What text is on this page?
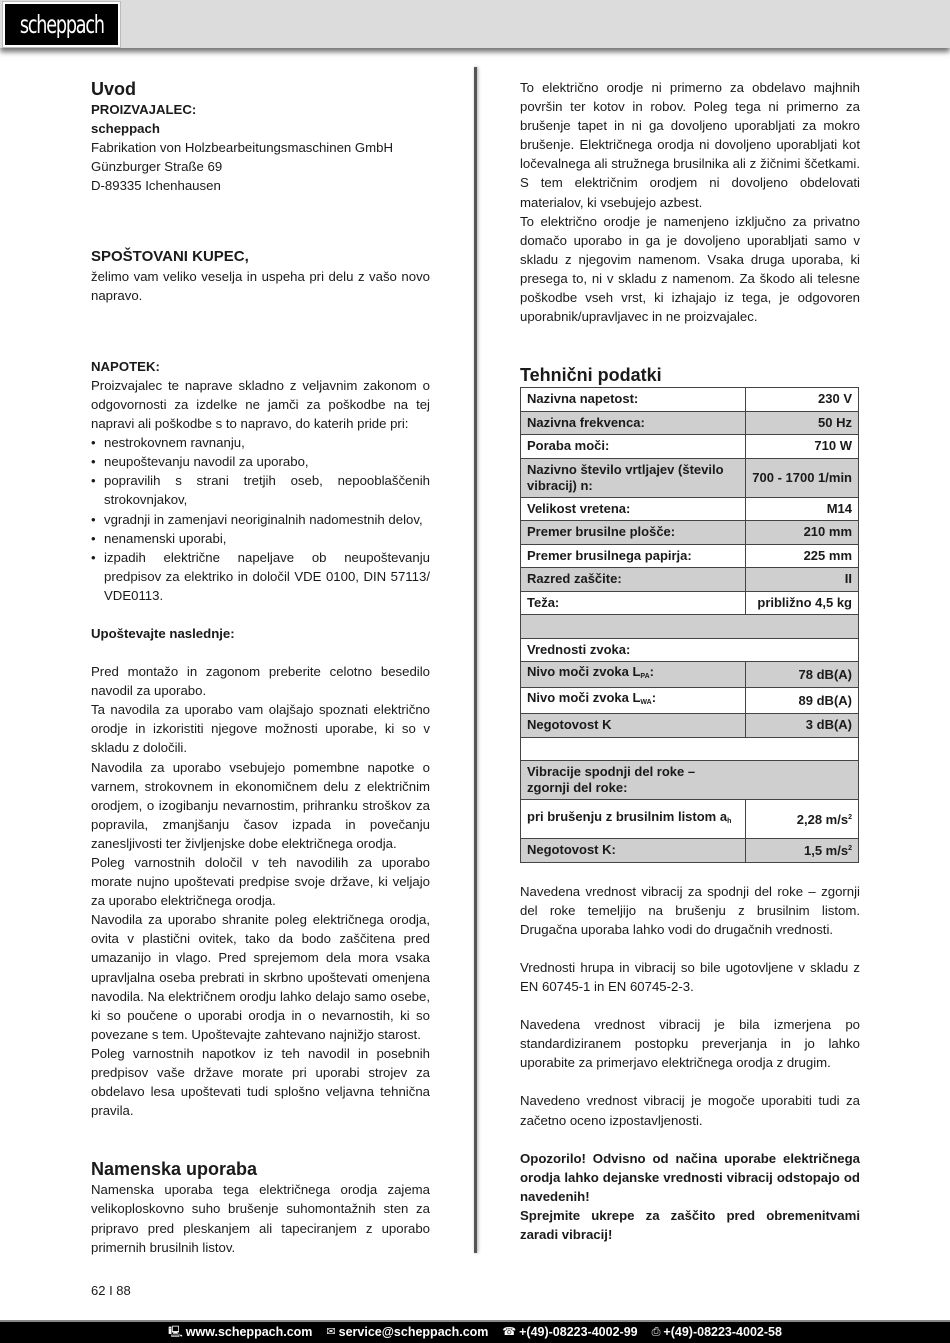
scheppach
Uvod
PROIZVAJALEC:
scheppach
Fabrikation von Holzbearbeitungsmaschinen GmbH
Günzburger Straße 69
D-89335 Ichenhausen
SPOŠTOVANI KUPEC,

želimo vam veliko veselja in uspeha pri delu z vašo novo napravo.

NAPOTEK:

Proizvajalec te naprave skladno z veljavnim zakonom o odgovornosti za izdelke ne jamči za poškodbe na tej napravi ali poškodbe s to napravo, do katerih pride pri:

• nestrokovnem ravnanju,
• neupoštevanju navodil za uporabo,
• popravilih s strani tretjih oseb, nepooblaščenih strokovnjakov,
• vgradnji in zamenjavi neoriginalnih nadomestnih delov,
• nenamenski uporabi,
• izpadih električne napeljave ob neupoštevanju predpisov za elektriko in določil VDE 0100, DIN 57113/ VDE0113.
Upoštevajte naslednje:

Pred montažo in zagonom preberite celotno besedilo navodil za uporabo.

Ta navodila za uporabo vam olajšajo spoznati električno orodje in izkoristiti njegove možnosti uporabe, ki so v skladu z določili.

Navodila za uporabo vsebujejo pomembne napotke o varnem, strokovnem in ekonomičnem delu z električnim orodjem, o izogibanju nevarnostim, prihranku stroškov za popravila, zmanjšanju časov izpada in povečanju zanesljivosti ter življenjske dobe električnega orodja.

Poleg varnostnih določil v teh navodilih za uporabo morate nujno upoštevati predpise svoje države, ki veljajo za uporabo električnega orodja.

Navodila za uporabo shranite poleg električnega orodja, ovita v plastični ovitek, tako da bodo zaščitena pred umazanijo in vlago. Pred sprejemom dela mora vsaka upravljalna oseba prebrati in skrbno upoštevati omenjena navodila. Na električnem orodju lahko delajo samo osebe, ki so poučene o uporabi orodja in o nevarnostih, ki so povezane s tem. Upoštevajte zahtevano najnižjo starost.

Poleg varnostnih napotkov iz teh navodil in posebnih predpisov vaše države morate pri uporabi strojev za obdelavo lesa upoštevati tudi splošno veljavna tehnična pravila.

Namenska uporaba

Namenska uporaba tega električnega orodja zajema velikoploskovno suho brušenje suhomontažnih sten za pripravo pred pleskanjem ali tapeciranjem z uporabo primernih brusilnih listov.

To električno orodje ni primerno za obdelavo majhnih površin ter kotov in robov. Poleg tega ni primerno za brušenje tapet in ni ga dovoljeno uporabljati za mokro brušenje. Električnega orodja ni dovoljeno uporabljati kot ločevalnega ali stružnega brusilnika ali z žičnimi ščetkami. S tem električnim orodjem ni dovoljeno obdelovati materialov, ki vsebujejo azbest.

To električno orodje je namenjeno izključno za privatno domačo uporabo in ga je dovoljeno uporabljati samo v skladu z njegovim namenom. Vsaka druga uporaba, ki presega to, ni v skladu z namenom. Za škodo ali telesne poškodbe vseh vrst, ki izhajajo iz tega, je odgovoren uporabnik/upravljavec in ne proizvajalec.

Tehnični podatki
Nazivna napetost:	230 V
Nazivna frekvenca:	50 Hz
Poraba moči:	710 W
Nazivno število vrtljajev (število vibracij) n:	700 - 1700 1/min
Velikost vretena:	M14
Premer brusilne plošče:	210 mm
Premer brusilnega papirja:	225 mm
Razred zaščite:	II
Teža:	približno 4,5 kg

Vrednosti zvoka:	
Nivo moči zvoka $L_{PA}$:	78 dB(A)
Nivo moči zvoka $L_{WA}$:	89 dB(A)
Negotovost K	3 dB(A)

Vibracije spodnji del roke – zgornji del roke:	
pri brušenju z brusilnim listom $a_h$	2,28 $m/s^2$
Negotovost K:	1,5 $m/s^2$

Navedena vrednost vibracij za spodnji del roke – zgornji del roke temeljijo na brušenju z brusilnim listom. Drugačna uporaba lahko vodi do drugačnih vrednosti.

Vrednosti hrupa in vibracij so bile ugotovljene v skladu z EN 60745-1 in EN 60745-2-3.

Navedena vrednost vibracij je bila izmerjena po standardiziranem postopku preverjanja in jo lahko uporabite za primerjavo električnega orodja z drugim.

Navedeno vrednost vibracij je mogoče uporabiti tudi za začetno oceno izpostavljenosti.

Opozorilo! Odvisno od načina uporabe električnega orodja lahko dejanske vrednosti vibracij odstopajo od navedenih!

Sprejmite ukrepe za zaščito pred obremenitvami zaradi vibracij!

62 I 88
🖳 www.scheppach.com ✉ service@scheppach.com ☎ +(49)-08223-4002-99 ⎙ +(49)-08223-4002-58
